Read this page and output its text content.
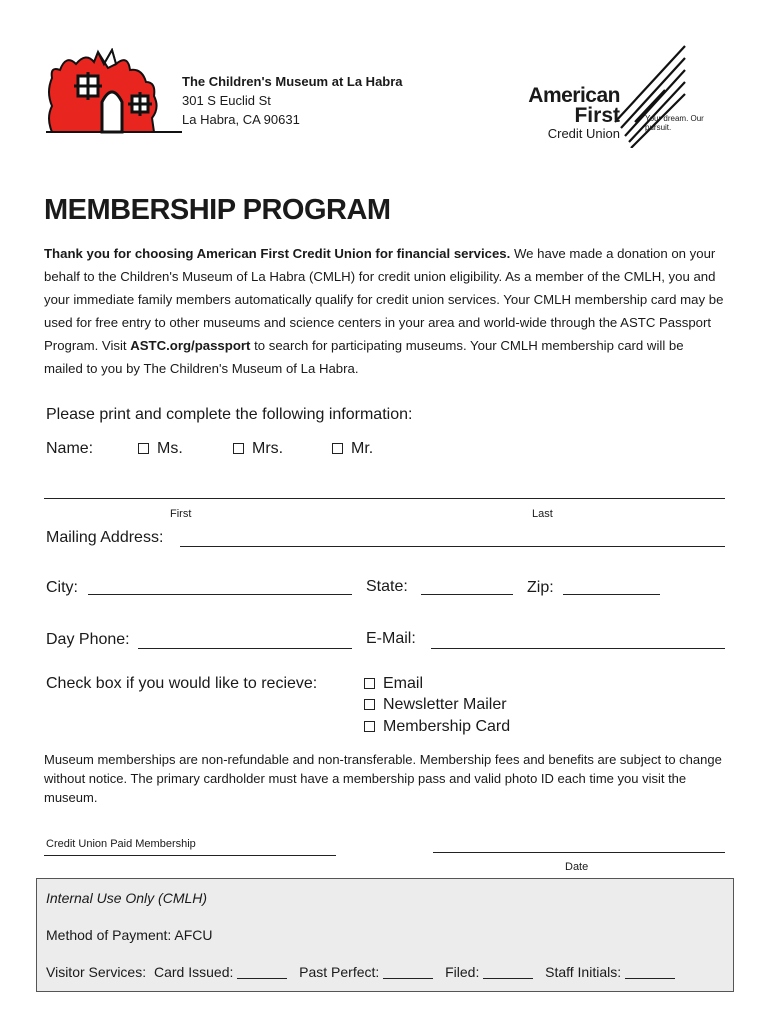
The Children's Museum at La Habra
301 S Euclid St
La Habra, CA 90631
American
First
Credit Union
Your dream. Our pursuit.
MEMBERSHIP PROGRAM
Thank you for choosing American First Credit Union for financial services. We have made a donation on your behalf to the Children's Museum of La Habra (CMLH) for credit union eligibility. As a member of the CMLH, you and your immediate family members automatically qualify for credit union services. Your CMLH membership card may be used for free entry to other museums and science centers in your area and world-wide through the ASTC Passport Program. Visit ASTC.org/passport to search for participating museums. Your CMLH membership card will be mailed to you by The Children's Museum of La Habra.
Please print and complete the following information:
Name:	Ms.	Mrs.	Mr.
First	Last
Mailing Address:
City:	State:	Zip:
Day Phone:	E-Mail:
Check box if you would like to recieve:	Email
Newsletter Mailer
Membership Card
Museum memberships are non-refundable and non-transferable. Membership fees and benefits are subject to change without notice. The primary cardholder must have a membership pass and valid photo ID each time you visit the museum.
Credit Union Paid Membership
Date
Internal Use Only (CMLH)
Method of Payment: AFCU
Visitor Services: Card Issued:	Past Perfect:	Filed:	Staff Initials:
